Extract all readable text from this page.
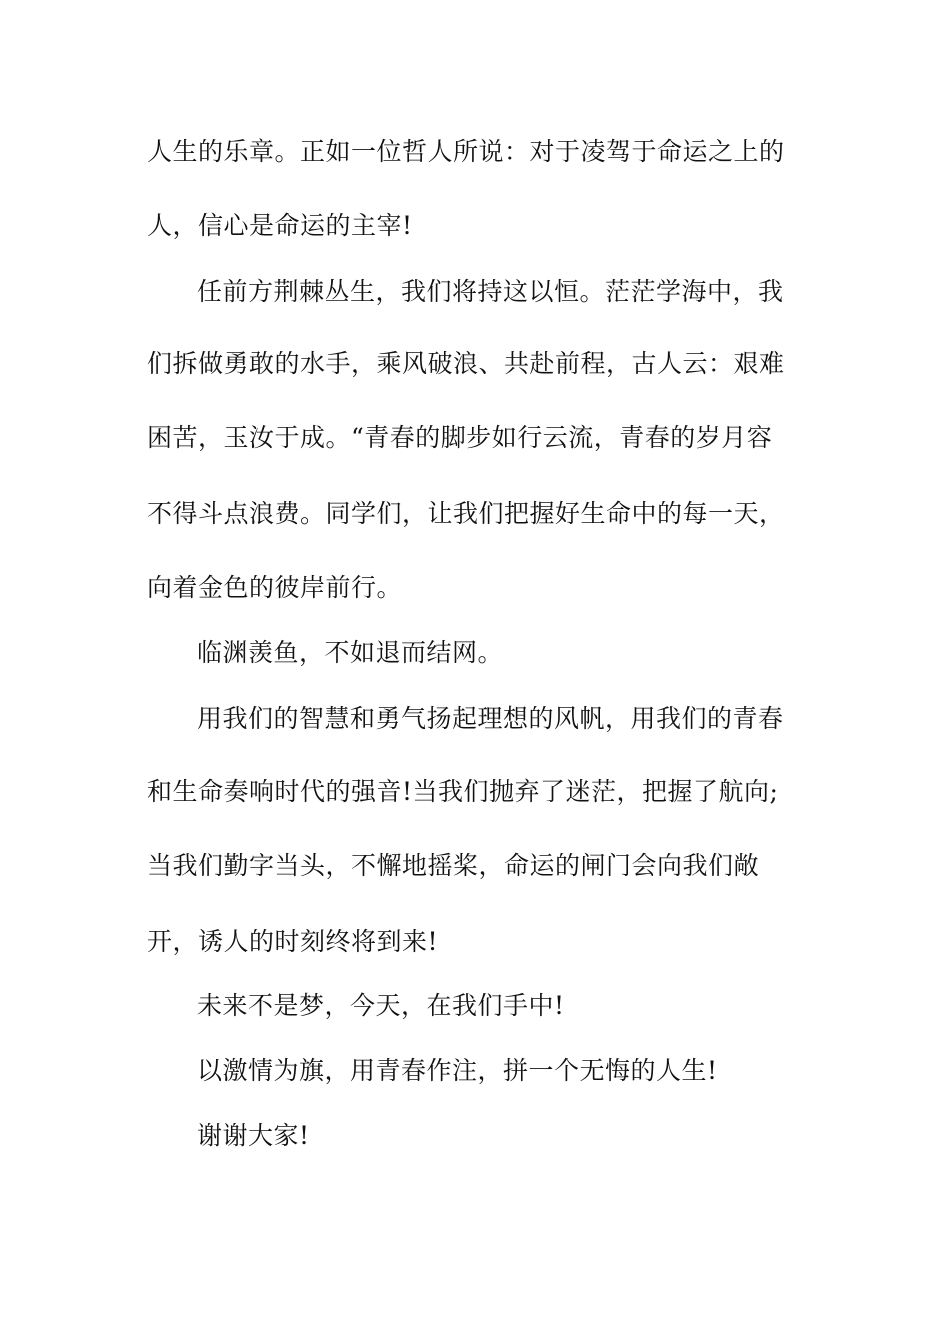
人生的乐章。正如一位哲人所说：对于凌驾于命运之上的
人，信心是命运的主宰!
任前方荆棘丛生，我们将持这以恒。茫茫学海中，我
们拆做勇敢的水手，乘风破浪、共赴前程，古人云：艰难
困苦，玉汝于成。“青春的脚步如行云流，青春的岁月容
不得斗点浪费。同学们，让我们把握好生命中的每一天，
向着金色的彼岸前行。
临渊羡鱼，不如退而结网。
用我们的智慧和勇气扬起理想的风帆，用我们的青春
和生命奏响时代的强音!当我们抛弃了迷茫，把握了航向;
当我们勤字当头，不懈地摇桨，命运的闸门会向我们敞
开，诱人的时刻终将到来!
未来不是梦，今天，在我们手中!
以激情为旗，用青春作注，拼一个无悔的人生!
谢谢大家!
